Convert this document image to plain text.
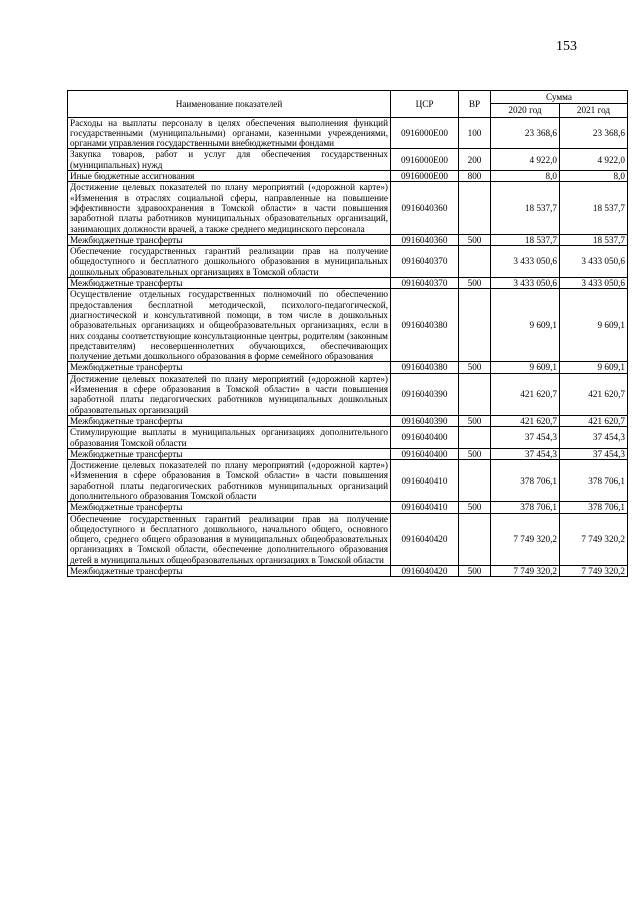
153
Наименование показателей	ЦСР	ВР	Сумма	
			2020 год	2021 год
Расходы на выплаты персоналу в целях обеспечения выполнения функций государственными (муниципальными) органами, казенными учреждениями, органами управления государственными внебюджетными фондами	0916000E00	100	23 368,6	23 368,6
Закупка товаров, работ и услуг для обеспечения государственных (муниципальных) нужд	0916000E00	200	4 922,0	4 922,0
Иные бюджетные ассигнования	0916000E00	800	8,0	8,0
Достижение целевых показателей по плану мероприятий («дорожной карте») «Изменения в отраслях социальной сферы, направленные на повышение эффективности здравоохранения в Томской области» в части повышения заработной платы работников муниципальных образовательных организаций, занимающих должности врачей, а также среднего медицинского персонала	0916040360		18 537,7	18 537,7
Межбюджетные трансферты	0916040360	500	18 537,7	18 537,7
Обеспечение государственных гарантий реализации прав на получение общедоступного и бесплатного дошкольного образования в муниципальных дошкольных образовательных организациях в Томской области	0916040370		3 433 050,6	3 433 050,6
Межбюджетные трансферты	0916040370	500	3 433 050,6	3 433 050,6
Осуществление отдельных государственных полномочий по обеспечению предоставления бесплатной методической, психолого-педагогической, диагностической и консультативной помощи, в том числе в дошкольных образовательных организациях и общеобразовательных организациях, если в них созданы соответствующие консультационные центры, родителям (законным представителям) несовершеннолетних обучающихся, обеспечивающих получение детьми дошкольного образования в форме семейного образования	0916040380		9 609,1	9 609,1
Межбюджетные трансферты	0916040380	500	9 609,1	9 609,1
Достижение целевых показателей по плану мероприятий («дорожной карте») «Изменения в сфере образования в Томской области» в части повышения заработной платы педагогических работников муниципальных дошкольных образовательных организаций	0916040390		421 620,7	421 620,7
Межбюджетные трансферты	0916040390	500	421 620,7	421 620,7
Стимулирующие выплаты в муниципальных организациях дополнительного образования Томской области	0916040400		37 454,3	37 454,3
Межбюджетные трансферты	0916040400	500	37 454,3	37 454,3
Достижение целевых показателей по плану мероприятий («дорожной карте») «Изменения в сфере образования в Томской области» в части повышения заработной платы педагогических работников муниципальных организаций дополнительного образования Томской области	0916040410		378 706,1	378 706,1
Межбюджетные трансферты	0916040410	500	378 706,1	378 706,1
Обеспечение государственных гарантий реализации прав на получение общедоступного и бесплатного дошкольного, начального общего, основного общего, среднего общего образования в муниципальных общеобразовательных организациях в Томской области, обеспечение дополнительного образования детей в муниципальных общеобразовательных организациях в Томской области	0916040420		7 749 320,2	7 749 320,2
Межбюджетные трансферты	0916040420	500	7 749 320,2	7 749 320,2
